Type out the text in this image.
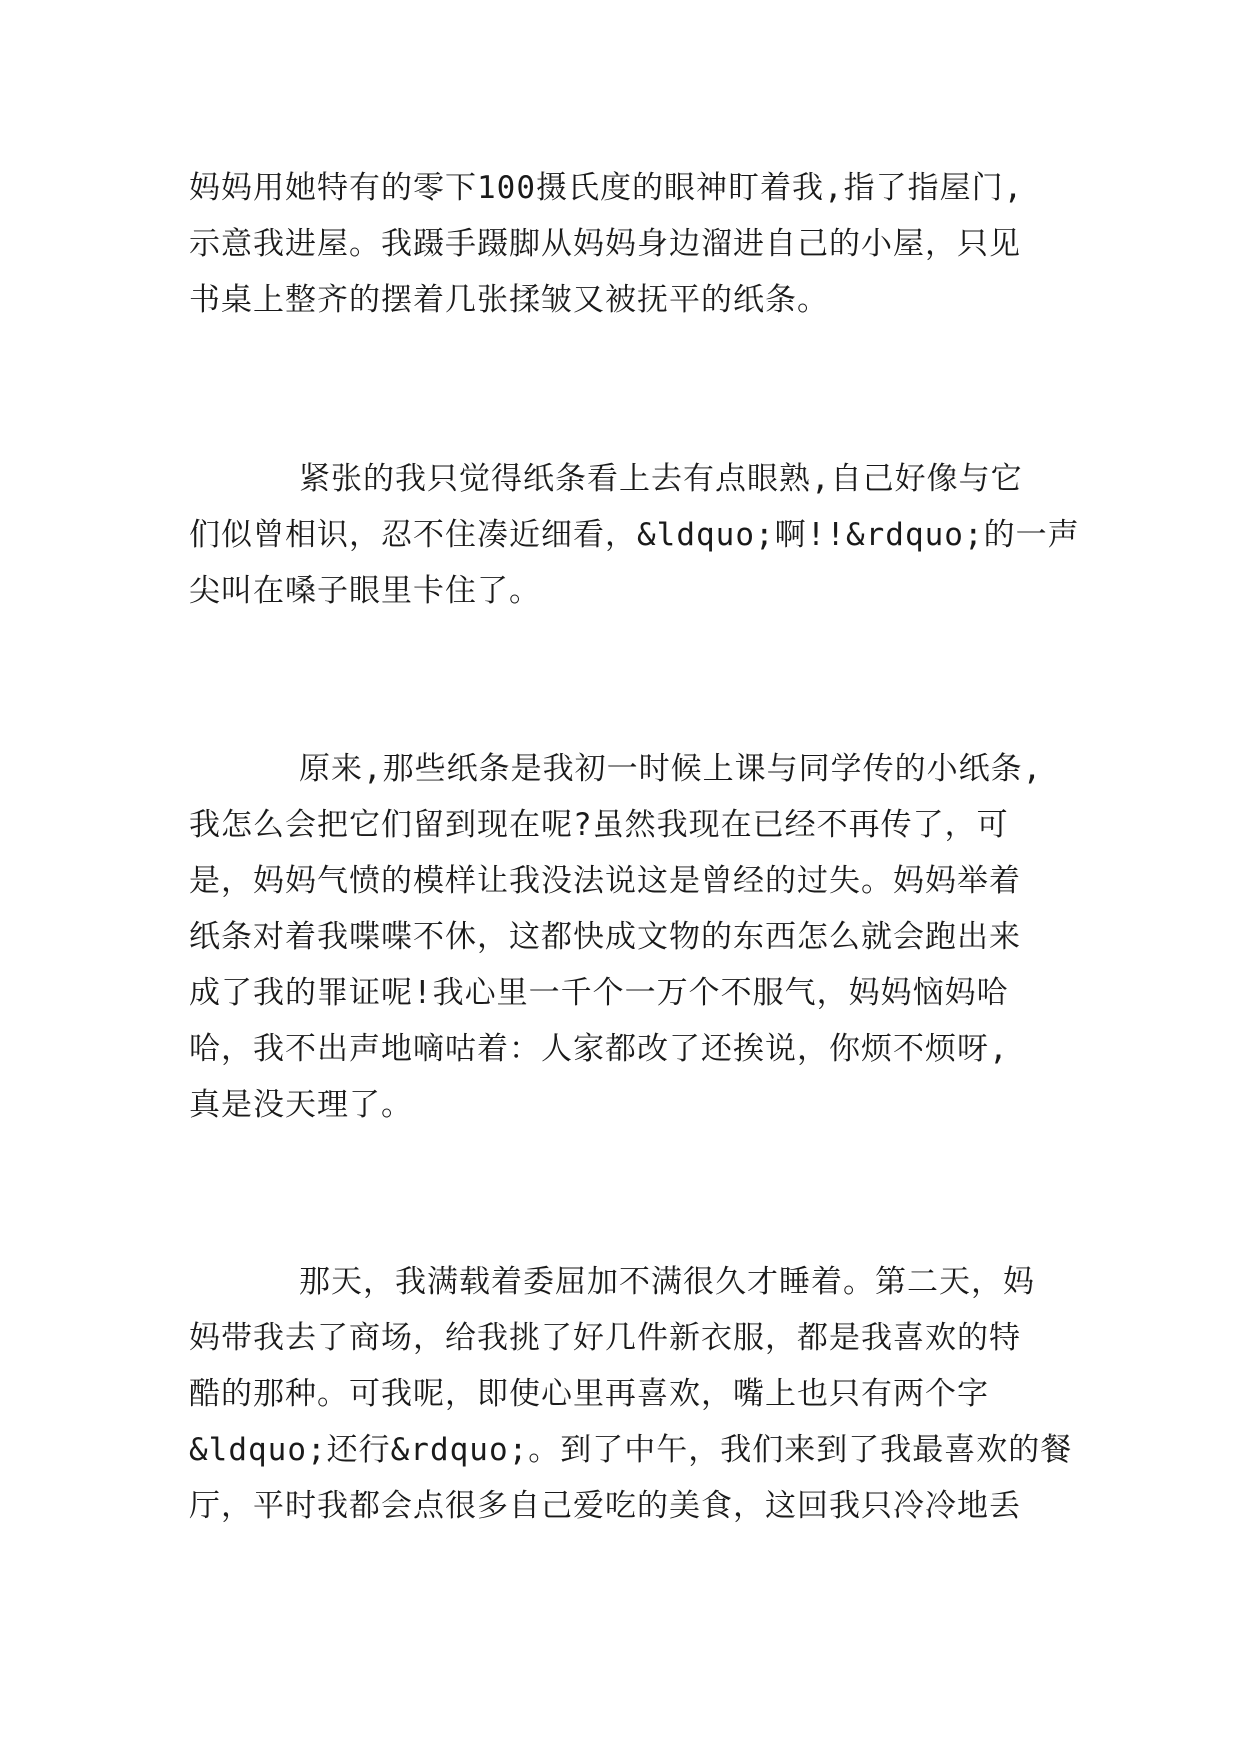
妈妈用她特有的零下100摄氏度的眼神盯着我,指了指屋门,
示意我进屋。我蹑手蹑脚从妈妈身边溜进自己的小屋，只见
书桌上整齐的摆着几张揉皱又被抚平的纸条。
紧张的我只觉得纸条看上去有点眼熟,自己好像与它
们似曾相识，忍不住凑近细看，&ldquo;啊!!&rdquo;的一声
尖叫在嗓子眼里卡住了。
原来,那些纸条是我初一时候上课与同学传的小纸条,
我怎么会把它们留到现在呢?虽然我现在已经不再传了，可
是，妈妈气愤的模样让我没法说这是曾经的过失。妈妈举着
纸条对着我喋喋不休，这都快成文物的东西怎么就会跑出来
成了我的罪证呢!我心里一千个一万个不服气，妈妈恼妈哈
哈，我不出声地嘀咕着：人家都改了还挨说，你烦不烦呀,
真是没天理了。
那天，我满载着委屈加不满很久才睡着。第二天，妈
妈带我去了商场，给我挑了好几件新衣服，都是我喜欢的特
酷的那种。可我呢，即使心里再喜欢，嘴上也只有两个字
&ldquo;还行&rdquo;。到了中午，我们来到了我最喜欢的餐
厅，平时我都会点很多自己爱吃的美食，这回我只冷冷地丢
